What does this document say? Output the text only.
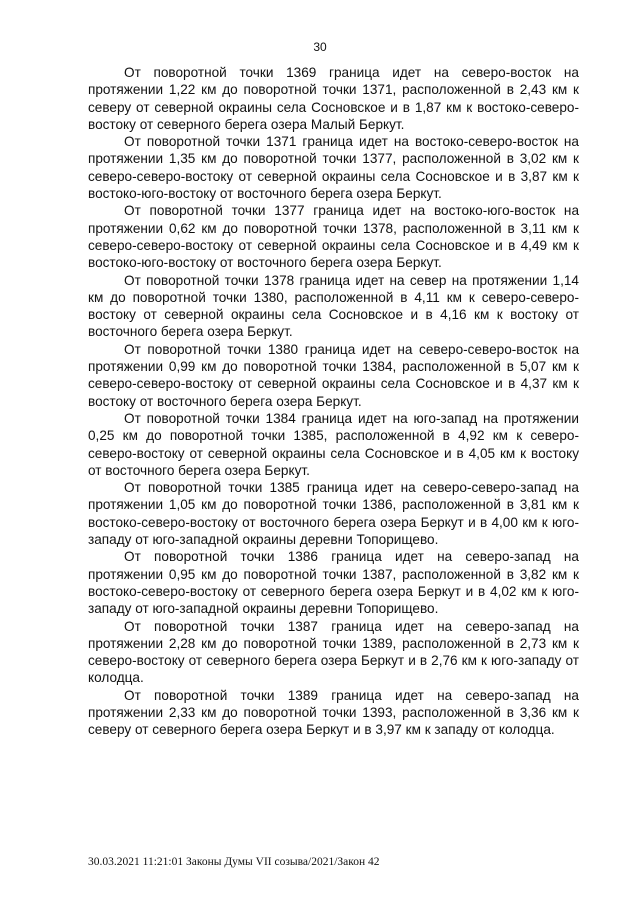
30

От поворотной точки 1369 граница идет на северо-восток на протяжении 1,22 км до поворотной точки 1371, расположенной в 2,43 км к северу от северной окраины села Сосновское и в 1,87 км к востоко-северо-востоку от северного берега озера Малый Беркут.

От поворотной точки 1371 граница идет на востоко-северо-восток на протяжении 1,35 км до поворотной точки 1377, расположенной в 3,02 км к северо-северо-востоку от северной окраины села Сосновское и в 3,87 км к востоко-юго-востоку от восточного берега озера Беркут.

От поворотной точки 1377 граница идет на востоко-юго-восток на протяжении 0,62 км до поворотной точки 1378, расположенной в 3,11 км к северо-северо-востоку от северной окраины села Сосновское и в 4,49 км к востоко-юго-востоку от восточного берега озера Беркут.

От поворотной точки 1378 граница идет на север на протяжении 1,14 км до поворотной точки 1380, расположенной в 4,11 км к северо-северо-востоку от северной окраины села Сосновское и в 4,16 км к востоку от восточного берега озера Беркут.

От поворотной точки 1380 граница идет на северо-северо-восток на протяжении 0,99 км до поворотной точки 1384, расположенной в 5,07 км к северо-северо-востоку от северной окраины села Сосновское и в 4,37 км к востоку от восточного берега озера Беркут.

От поворотной точки 1384 граница идет на юго-запад на протяжении 0,25 км до поворотной точки 1385, расположенной в 4,92 км к северо-северо-востоку от северной окраины села Сосновское и в 4,05 км к востоку от восточного берега озера Беркут.

От поворотной точки 1385 граница идет на северо-северо-запад на протяжении 1,05 км до поворотной точки 1386, расположенной в 3,81 км к востоко-северо-востоку от восточного берега озера Беркут и в 4,00 км к юго-западу от юго-западной окраины деревни Топорищево.

От поворотной точки 1386 граница идет на северо-запад на протяжении 0,95 км до поворотной точки 1387, расположенной в 3,82 км к востоко-северо-востоку от северного берега озера Беркут и в 4,02 км к юго-западу от юго-западной окраины деревни Топорищево.

От поворотной точки 1387 граница идет на северо-запад на протяжении 2,28 км до поворотной точки 1389, расположенной в 2,73 км к северо-востоку от северного берега озера Беркут и в 2,76 км к юго-западу от колодца.

От поворотной точки 1389 граница идет на северо-запад на протяжении 2,33 км до поворотной точки 1393, расположенной в 3,36 км к северу от северного берега озера Беркут и в 3,97 км к западу от колодца.

30.03.2021 11:21:01 Законы Думы VII созыва/2021/Закон 42
